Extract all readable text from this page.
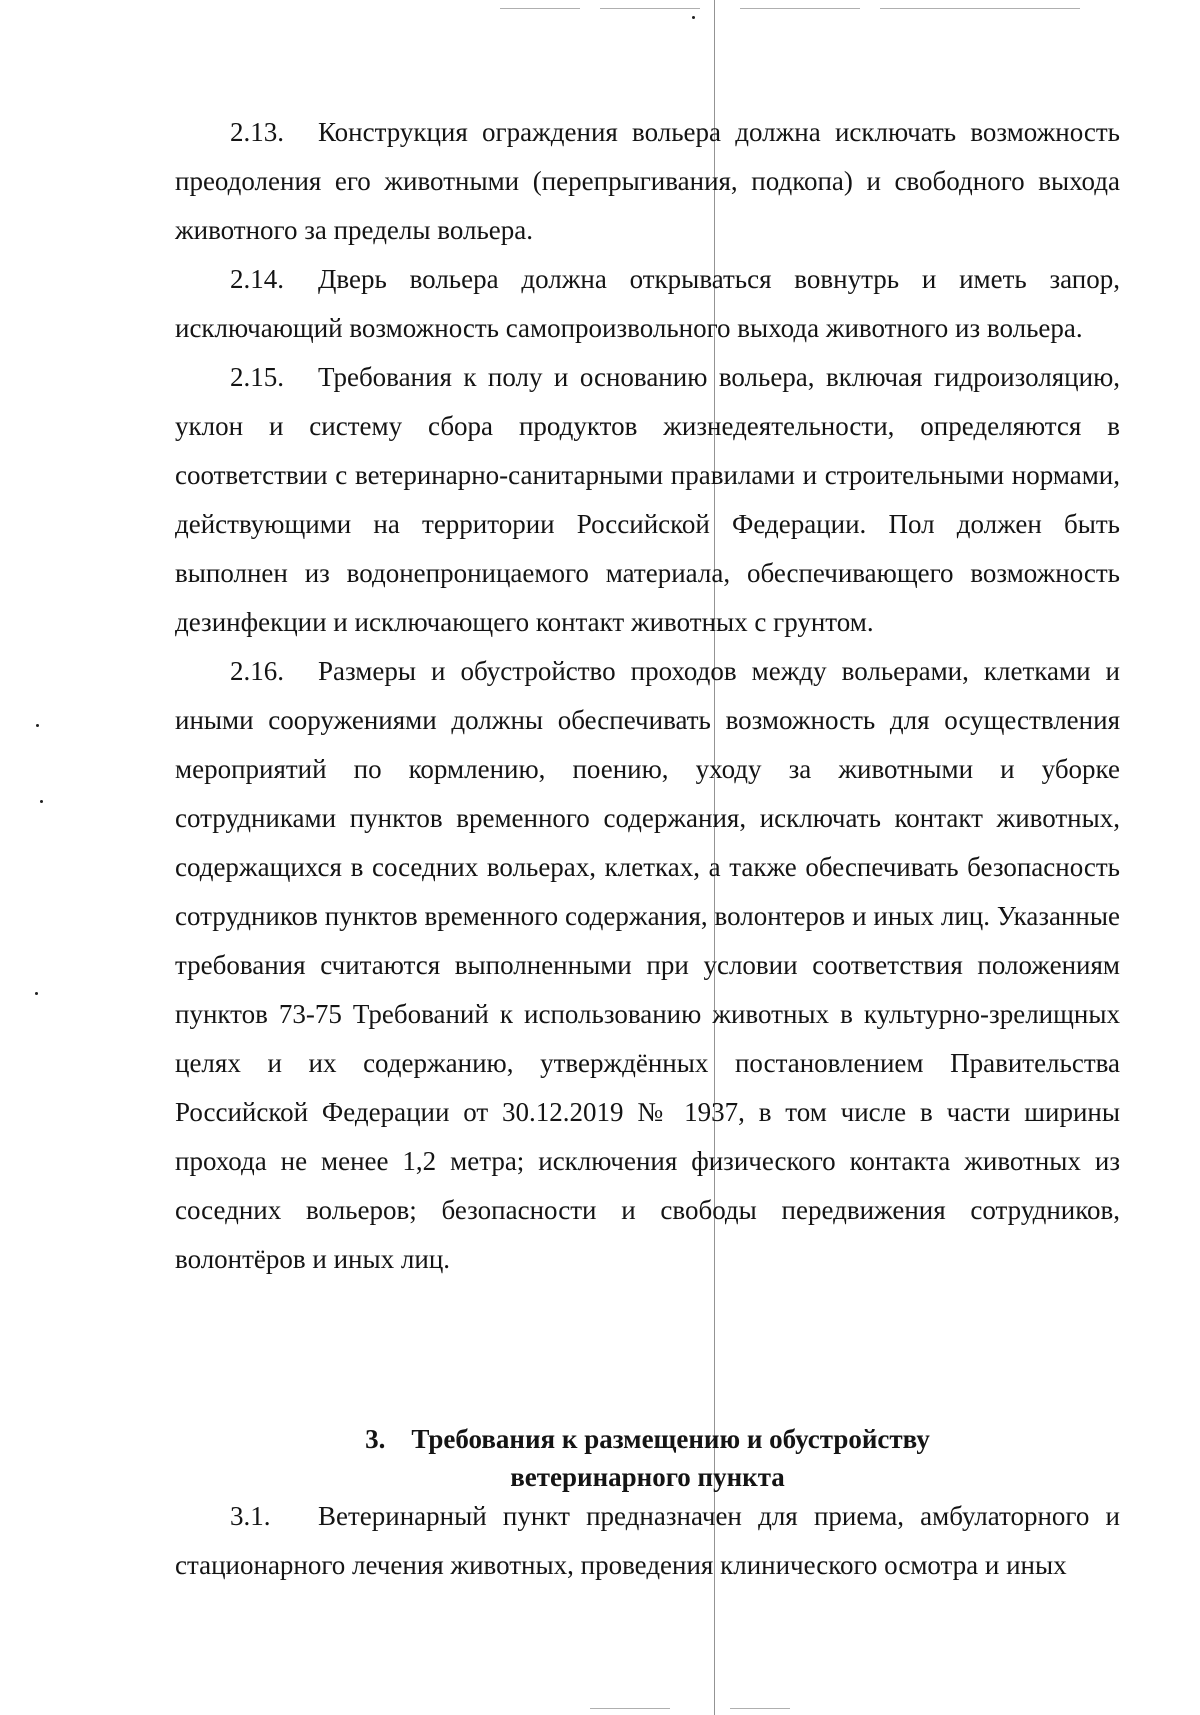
2.13. Конструкция ограждения вольера должна исключать возможность преодоления его животными (перепрыгивания, подкопа) и свободного выхода животного за пределы вольера.

2.14. Дверь вольера должна открываться вовнутрь и иметь запор, исключающий возможность самопроизвольного выхода животного из вольера.

2.15. Требования к полу и основанию вольера, включая гидроизоляцию, уклон и систему сбора продуктов жизнедеятельности, определяются в соответствии с ветеринарно-санитарными правилами и строительными нормами, действующими на территории Российской Федерации. Пол должен быть выполнен из водонепроницаемого материала, обеспечивающего возможность дезинфекции и исключающего контакт животных с грунтом.

2.16. Размеры и обустройство проходов между вольерами, клетками и иными сооружениями должны обеспечивать возможность для осуществления мероприятий по кормлению, поению, уходу за животными и уборке сотрудниками пунктов временного содержания, исключать контакт животных, содержащихся в соседних вольерах, клетках, а также обеспечивать безопасность сотрудников пунктов временного содержания, волонтеров и иных лиц. Указанные требования считаются выполненными при условии соответствия положениям пунктов 73-75 Требований к использованию животных в культурно-зрелищных целях и их содержанию, утверждённых постановлением Правительства Российской Федерации от 30.12.2019 № 1937, в том числе в части ширины прохода не менее 1,2 метра; исключения физического контакта животных из соседних вольеров; безопасности и свободы передвижения сотрудников, волонтёров и иных лиц.

3. Требования к размещению и обустройству
ветеринарного пункта

3.1. Ветеринарный пункт предназначен для приема, амбулаторного и стационарного лечения животных, проведения клинического осмотра и иных
